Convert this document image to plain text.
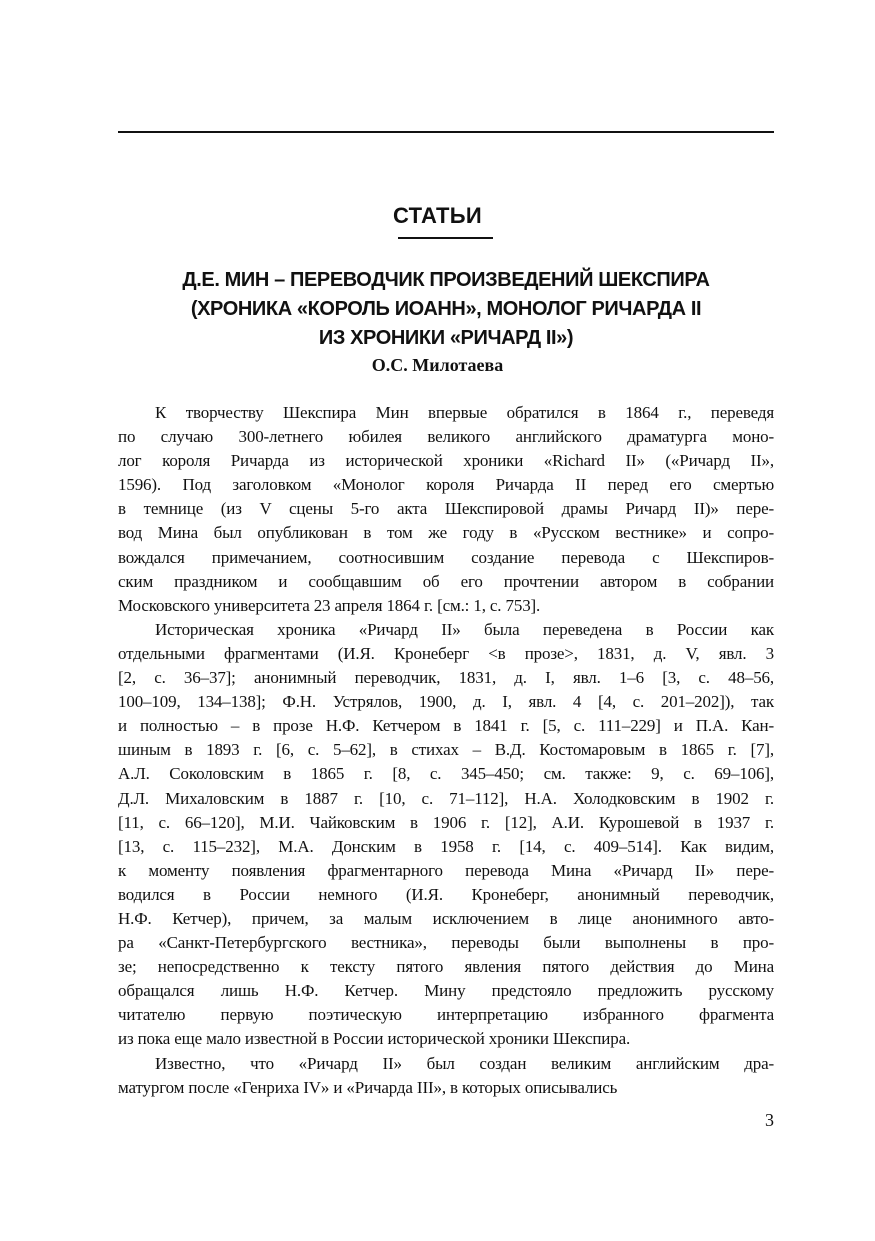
СТАТЬИ
Д.Е. МИН – ПЕРЕВОДЧИК ПРОИЗВЕДЕНИЙ ШЕКСПИРА
(ХРОНИКА «КОРОЛЬ ИОАНН», МОНОЛОГ РИЧАРДА II
ИЗ ХРОНИКИ «РИЧАРД II»)
О.С. Милотаева
К творчеству Шекспира Мин впервые обратился в 1864 г., переведя
по случаю 300-летнего юбилея великого английского драматурга моно-
лог короля Ричарда из исторической хроники «Richard II» («Ричард II»,
1596). Под заголовком «Монолог короля Ричарда II перед его смертью
в темнице (из V сцены 5-го акта Шекспировой драмы Ричард II)» пере-
вод Мина был опубликован в том же году в «Русском вестнике» и сопро-
вождался примечанием, соотносившим создание перевода с Шекспиров-
ским праздником и сообщавшим об его прочтении автором в собрании
Московского университета 23 апреля 1864 г. [см.: 1, с. 753].
Историческая хроника «Ричард II» была переведена в России как
отдельными фрагментами (И.Я. Кронеберг <в прозе>, 1831, д. V, явл. 3
[2, с. 36–37]; анонимный переводчик, 1831, д. I, явл. 1–6 [3, с. 48–56,
100–109, 134–138]; Ф.Н. Устрялов, 1900, д. I, явл. 4 [4, с. 201–202]), так
и полностью – в прозе Н.Ф. Кетчером в 1841 г. [5, с. 111–229] и П.А. Кан-
шиным в 1893 г. [6, с. 5–62], в стихах – В.Д. Костомаровым в 1865 г. [7],
А.Л. Соколовским в 1865 г. [8, с. 345–450; см. также: 9, с. 69–106],
Д.Л. Михаловским в 1887 г. [10, с. 71–112], Н.А. Холодковским в 1902 г.
[11, с. 66–120], М.И. Чайковским в 1906 г. [12], А.И. Курошевой в 1937 г.
[13, с. 115–232], М.А. Донским в 1958 г. [14, с. 409–514]. Как видим,
к моменту появления фрагментарного перевода Мина «Ричард II» пере-
водился в России немного (И.Я. Кронеберг, анонимный переводчик,
Н.Ф. Кетчер), причем, за малым исключением в лице анонимного авто-
ра «Санкт-Петербургского вестника», переводы были выполнены в про-
зе; непосредственно к тексту пятого явления пятого действия до Мина
обращался лишь Н.Ф. Кетчер. Мину предстояло предложить русскому
читателю первую поэтическую интерпретацию избранного фрагмента
из пока еще мало известной в России исторической хроники Шекспира.
Известно, что «Ричард II» был создан великим английским дра-
матургом после «Генриха IV» и «Ричарда III», в которых описывались
3
